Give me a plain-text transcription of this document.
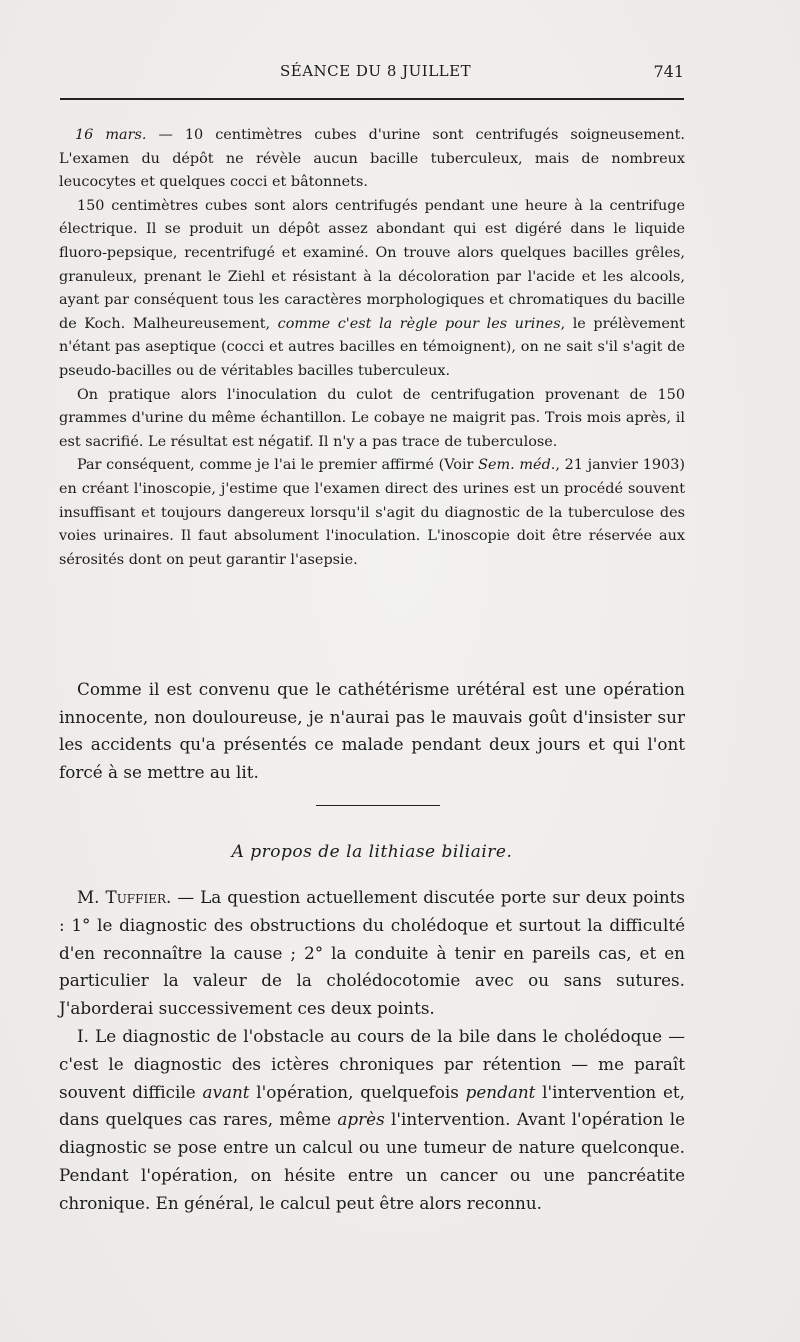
SÉANCE DU 8 JUILLET	741

16 mars. — 10 centimètres cubes d'urine sont centrifugés soigneusement. L'examen du dépôt ne révèle aucun bacille tuberculeux, mais de nombreux leucocytes et quelques cocci et bâtonnets.

150 centimètres cubes sont alors centrifugés pendant une heure à la centrifuge électrique. Il se produit un dépôt assez abondant qui est digéré dans le liquide fluoro-pepsique, recentrifugé et examiné. On trouve alors quelques bacilles grêles, granuleux, prenant le Ziehl et résistant à la décoloration par l'acide et les alcools, ayant par conséquent tous les caractères morphologiques et chromatiques du bacille de Koch. Malheureusement, comme c'est la règle pour les urines, le prélèvement n'étant pas aseptique (cocci et autres bacilles en témoignent), on ne sait s'il s'agit de pseudo-bacilles ou de véritables bacilles tuberculeux.

On pratique alors l'inoculation du culot de centrifugation provenant de 150 grammes d'urine du même échantillon. Le cobaye ne maigrit pas. Trois mois après, il est sacrifié. Le résultat est négatif. Il n'y a pas trace de tuberculose.

Par conséquent, comme je l'ai le premier affirmé (Voir Sem. méd., 21 janvier 1903) en créant l'inoscopie, j'estime que l'examen direct des urines est un procédé souvent insuffisant et toujours dangereux lorsqu'il s'agit du diagnostic de la tuberculose des voies urinaires. Il faut absolument l'inoculation. L'inoscopie doit être réservée aux sérosités dont on peut garantir l'asepsie.

Comme il est convenu que le cathétérisme urétéral est une opération innocente, non douloureuse, je n'aurai pas le mauvais goût d'insister sur les accidents qu'a présentés ce malade pendant deux jours et qui l'ont forcé à se mettre au lit.

A propos de la lithiase biliaire.

M. Tuffier. — La question actuellement discutée porte sur deux points : 1° le diagnostic des obstructions du cholédoque et surtout la difficulté d'en reconnaître la cause ; 2° la conduite à tenir en pareils cas, et en particulier la valeur de la cholédocotomie avec ou sans sutures. J'aborderai successivement ces deux points.

I. Le diagnostic de l'obstacle au cours de la bile dans le cholédoque — c'est le diagnostic des ictères chroniques par rétention — me paraît souvent difficile avant l'opération, quelquefois pendant l'intervention et, dans quelques cas rares, même après l'intervention. Avant l'opération le diagnostic se pose entre un calcul ou une tumeur de nature quelconque. Pendant l'opération, on hésite entre un cancer ou une pancréatite chronique. En général, le calcul peut être alors reconnu.
